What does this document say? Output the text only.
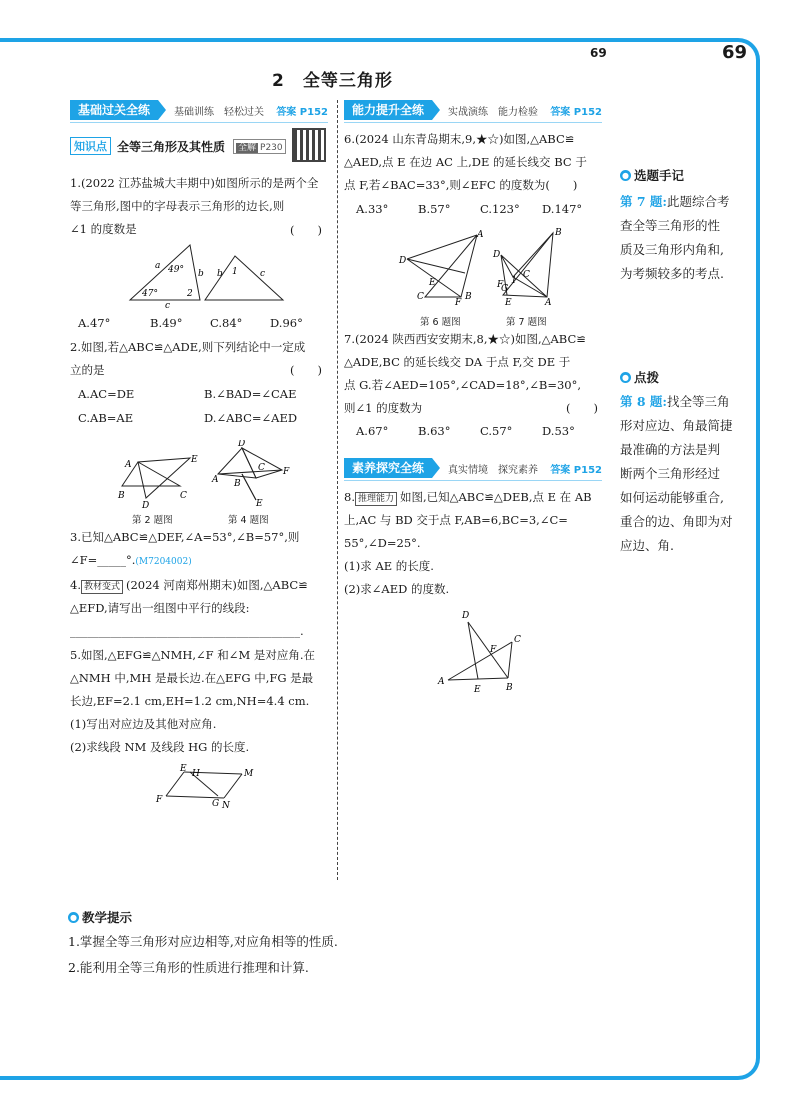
69	69
2　全等三角形
基础过关全练	基础训练 轻松过关	答案 P152
知识点 全等三角形及其性质	全解 P230
1.(2022 江苏盐城大丰期中)如图所示的是两个全
等三角形,图中的字母表示三角形的边长,则
∠1 的度数是	(　　)
a
b
c
49°
47°	2
1
b	c
A.47°	B.49°	C.84°	D.96°
2.如图,若△ABC≌△ADE,则下列结论中一定成
立的是	(　　)
A.AC=DE	B.∠BAD=∠CAE
C.AB=AE	D.∠ABC=∠AED
A	E
B
D
C
D
A B
C F
E
第 2 题图	第 4 题图
3.已知△ABC≌△DEF,∠A=53°,∠B=57°,则
∠F=_____°.(M7204002)
4. 教材变式 (2024 河南郑州期末)如图,△ABC≌
△EFD,请写出一组图中平行的线段:
________________________________________.
5.如图,△EFG≌△NMH,∠F 和∠M 是对应角.在
△NMH 中,MH 是最长边.在△EFG 中,FG 是最
长边,EF=2.1 cm,EH=1.2 cm,NH=4.4 cm.
(1)写出对应边及其他对应角.
(2)求线段 NM 及线段 HG 的长度.
E H	M
F	G N
能力提升全练	实战演练 能力检验	答案 P152
6.(2024 山东青岛期末,9,★☆)如图,△ABC≌
△AED,点 E 在边 AC 上,DE 的延长线交 BC 于
点 F,若∠BAC=33°,则∠EFC 的度数为(　　)
A.33°	B.57°	C.123°	D.147°
A
D
E
C
F
B
B
D
G
1
F
C
E	A
第 6 题图	第 7 题图
7.(2024 陕西西安安期末,8,★☆)如图,△ABC≌
△ADE,BC 的延长线交 DA 于点 F,交 DE 于
点 G.若∠AED=105°,∠CAD=18°,∠B=30°,
则∠1 的度数为	(　　)
A.67°	B.63°	C.57°	D.53°
素养探究全练	真实情境 探究素养	答案 P152
8. 推理能力 如图,已知△ABC≌△DEB,点 E 在 AB
上,AC 与 BD 交于点 F,AB=6,BC=3,∠C=
55°,∠D=25°.
(1)求 AE 的长度.
(2)求∠AED 的度数.
D
C
F
A
E	B
● 选题手记
第 7 题:此题综合考
查全等三角形的性
质及三角形内角和,
为考频较多的考点.
● 点拨
第 8 题:找全等三角
形对应边、角最简捷
最准确的方法是判
断两个三角形经过
如何运动能够重合,
重合的边、角即为对
应边、角.
● 教学提示
1.掌握全等三角形对应边相等,对应角相等的性质.
2.能利用全等三角形的性质进行推理和计算.
